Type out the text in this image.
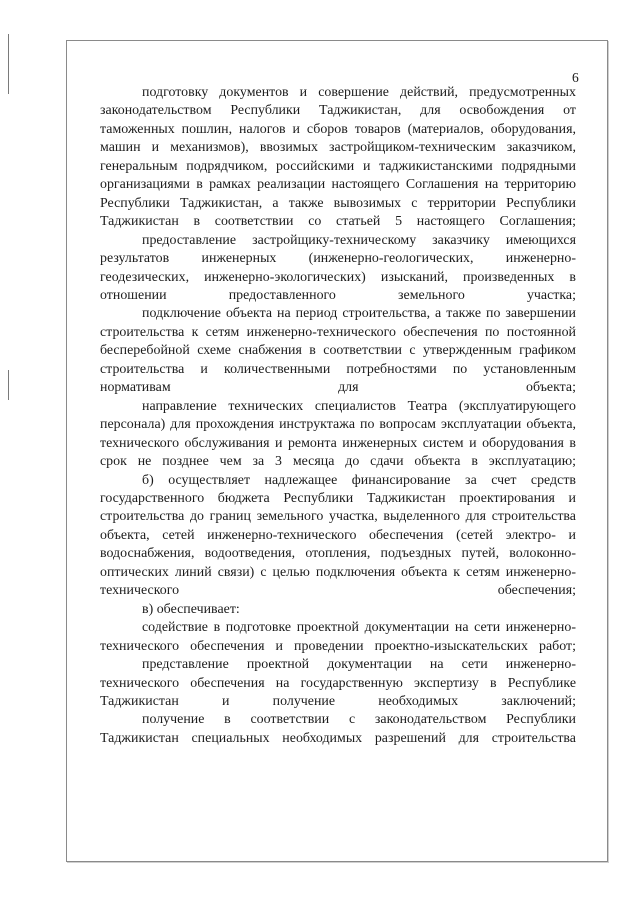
6

подготовку документов и совершение действий, предусмотренных законодательством Республики Таджикистан, для освобождения от таможенных пошлин, налогов и сборов товаров (материалов, оборудования, машин и механизмов), ввозимых застройщиком-техническим заказчиком, генеральным подрядчиком, российскими и таджикистанскими подрядными организациями в рамках реализации настоящего Соглашения на территорию Республики Таджикистан, а также вывозимых с территории Республики Таджикистан в соответствии со статьей 5 настоящего Соглашения;

предоставление застройщику-техническому заказчику имеющихся результатов инженерных (инженерно-геологических, инженерно-геодезических, инженерно-экологических) изысканий, произведенных в отношении предоставленного земельного участка;

подключение объекта на период строительства, а также по завершении строительства к сетям инженерно-технического обеспечения по постоянной бесперебойной схеме снабжения в соответствии с утвержденным графиком строительства и количественными потребностями по установленным нормативам для объекта;

направление технических специалистов Театра (эксплуатирующего персонала) для прохождения инструктажа по вопросам эксплуатации объекта, технического обслуживания и ремонта инженерных систем и оборудования в срок не позднее чем за 3 месяца до сдачи объекта в эксплуатацию;

б) осуществляет надлежащее финансирование за счет средств государственного бюджета Республики Таджикистан проектирования и строительства до границ земельного участка, выделенного для строительства объекта, сетей инженерно-технического обеспечения (сетей электро- и водоснабжения, водоотведения, отопления, подъездных путей, волоконно-оптических линий связи) с целью подключения объекта к сетям инженерно-технического обеспечения;

в) обеспечивает:

содействие в подготовке проектной документации на сети инженерно-технического обеспечения и проведении проектно-изыскательских работ;

представление проектной документации на сети инженерно-технического обеспечения на государственную экспертизу в Республике Таджикистан и получение необходимых заключений;

получение в соответствии с законодательством Республики Таджикистан специальных необходимых разрешений для строительства
